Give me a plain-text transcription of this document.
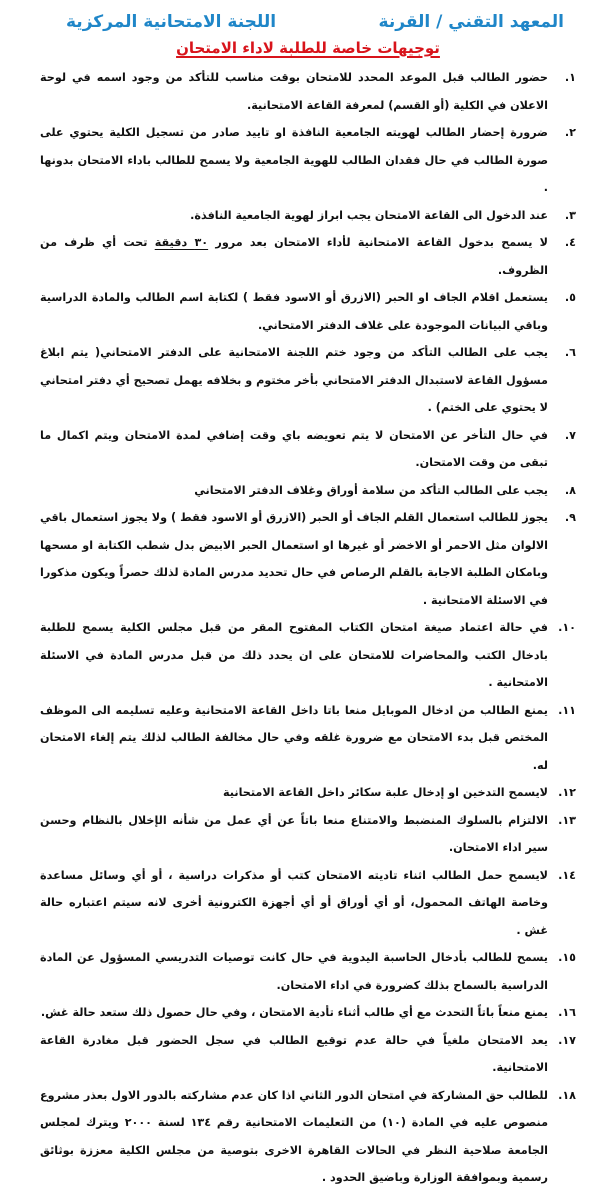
المعهد التقني / القرنة
اللجنة الامتحانية المركزية
توجيهات خاصة للطلبة لاداء الامتحان
١.
حضور الطالب قبل الموعد المحدد للامتحان بوقت مناسب للتأكد من وجود اسمه في لوحة الاعلان في الكلية (أو القسم) لمعرفة القاعة الامتحانية.
٢.
ضرورة إحضار الطالب لهويته الجامعية النافذة او تاييد صادر من تسجيل الكلية يحتوي على صورة الطالب في حال فقدان الطالب للهوية الجامعية ولا يسمح للطالب باداء الامتحان بدونها .
٣.
عند الدخول الى القاعة الامتحان يجب ابراز لهوية الجامعية النافذة.
٤.
لا يسمح بدخول القاعة الامتحانية لأداء الامتحان بعد مرور ٣٠ دقيقة تحت أي ظرف من الظروف.
٥.
يستعمل اقلام الجاف او الحبر (الازرق أو الاسود فقط ) لكتابة اسم الطالب والمادة الدراسية وباقي البيانات الموجودة على غلاف الدفتر الامتحاني.
٦.
يجب على الطالب التأكد من وجود ختم اللجنة الامتحانية على الدفتر الامتحاني( يتم ابلاغ مسؤول القاعة لاستبدال الدفتر الامتحاني بأخر مختوم و بخلافه يهمل تصحيح أي دفتر امتحاني لا يحتوي على الختم) .
٧.
في حال التأخر عن الامتحان لا يتم تعويضه باي وقت إضافي لمدة الامتحان ويتم اكمال ما تبقى من وقت الامتحان.
٨.
يجب على الطالب التأكد من سلامة أوراق وغلاف الدفتر الامتحاني
٩.
يجوز للطالب استعمال القلم الجاف أو الحبر (الازرق أو الاسود فقط ) ولا يجوز استعمال باقي الالوان مثل الاحمر أو الاخضر أو غيرها او استعمال الحبر الابيض بدل شطب الكتابة او مسحها وبامكان الطلبة الاجابة بالقلم الرصاص في حال تحديد مدرس المادة لذلك حصراً ويكون مذكورا في الاسئلة الامتحانية .
١٠.
في حالة اعتماد صيغة امتحان الكتاب المفتوح المقر من قبل مجلس الكلية يسمح للطلبة بادخال الكتب والمحاضرات للامتحان على ان يحدد ذلك من قبل مدرس المادة في الاسئلة الامتحانية .
١١.
يمنع الطالب من ادخال الموبايل منعا باتا داخل القاعة الامتحانية وعليه تسليمه الى الموظف المختص قبل بدء الامتحان مع ضرورة غلقه وفي حال مخالفة الطالب لذلك يتم إلغاء الامتحان له.
١٢.
لايسمح التدخين او إدخال علبة سكائر داخل القاعة الامتحانية
١٣.
الالتزام بالسلوك المنضبط والامتناع منعا باتاً عن أي عمل من شأنه الإخلال بالنظام وحسن سير اداء الامتحان.
١٤.
لايسمح حمل الطالب اثناء تاديته الامتحان كتب أو مذكرات دراسية ، أو أي وسائل مساعدة وخاصة الهاتف المحمول، أو أي أوراق أو أي أجهزة الكترونية أخرى لانه سيتم اعتباره حالة غش .
١٥.
يسمح للطالب بأدخال الحاسبة اليدوية في حال كانت توصيات التدريسي المسؤول عن المادة الدراسية بالسماح بذلك كضرورة في اداء الامتحان.
١٦.
يمنع منعاً باتاً التحدث مع أي طالب أثناء تأدية الامتحان ، وفي حال حصول ذلك ستعد حالة غش.
١٧.
يعد الامتحان ملغياً في حالة عدم توقيع الطالب في سجل الحضور قبل مغادرة القاعة الامتحانية.
١٨.
للطالب حق المشاركة في امتحان الدور الثاني اذا كان عدم مشاركته بالدور الاول بعذر مشروع منصوص عليه في المادة (١٠) من التعليمات الامتحانية رقم ١٣٤ لسنة ٢٠٠٠ ويترك لمجلس الجامعة صلاحية النظر في الحالات القاهرة الاخرى بتوصية من مجلس الكلية معززة بوثائق رسمية وبموافقة الوزارة وباضيق الحدود .
